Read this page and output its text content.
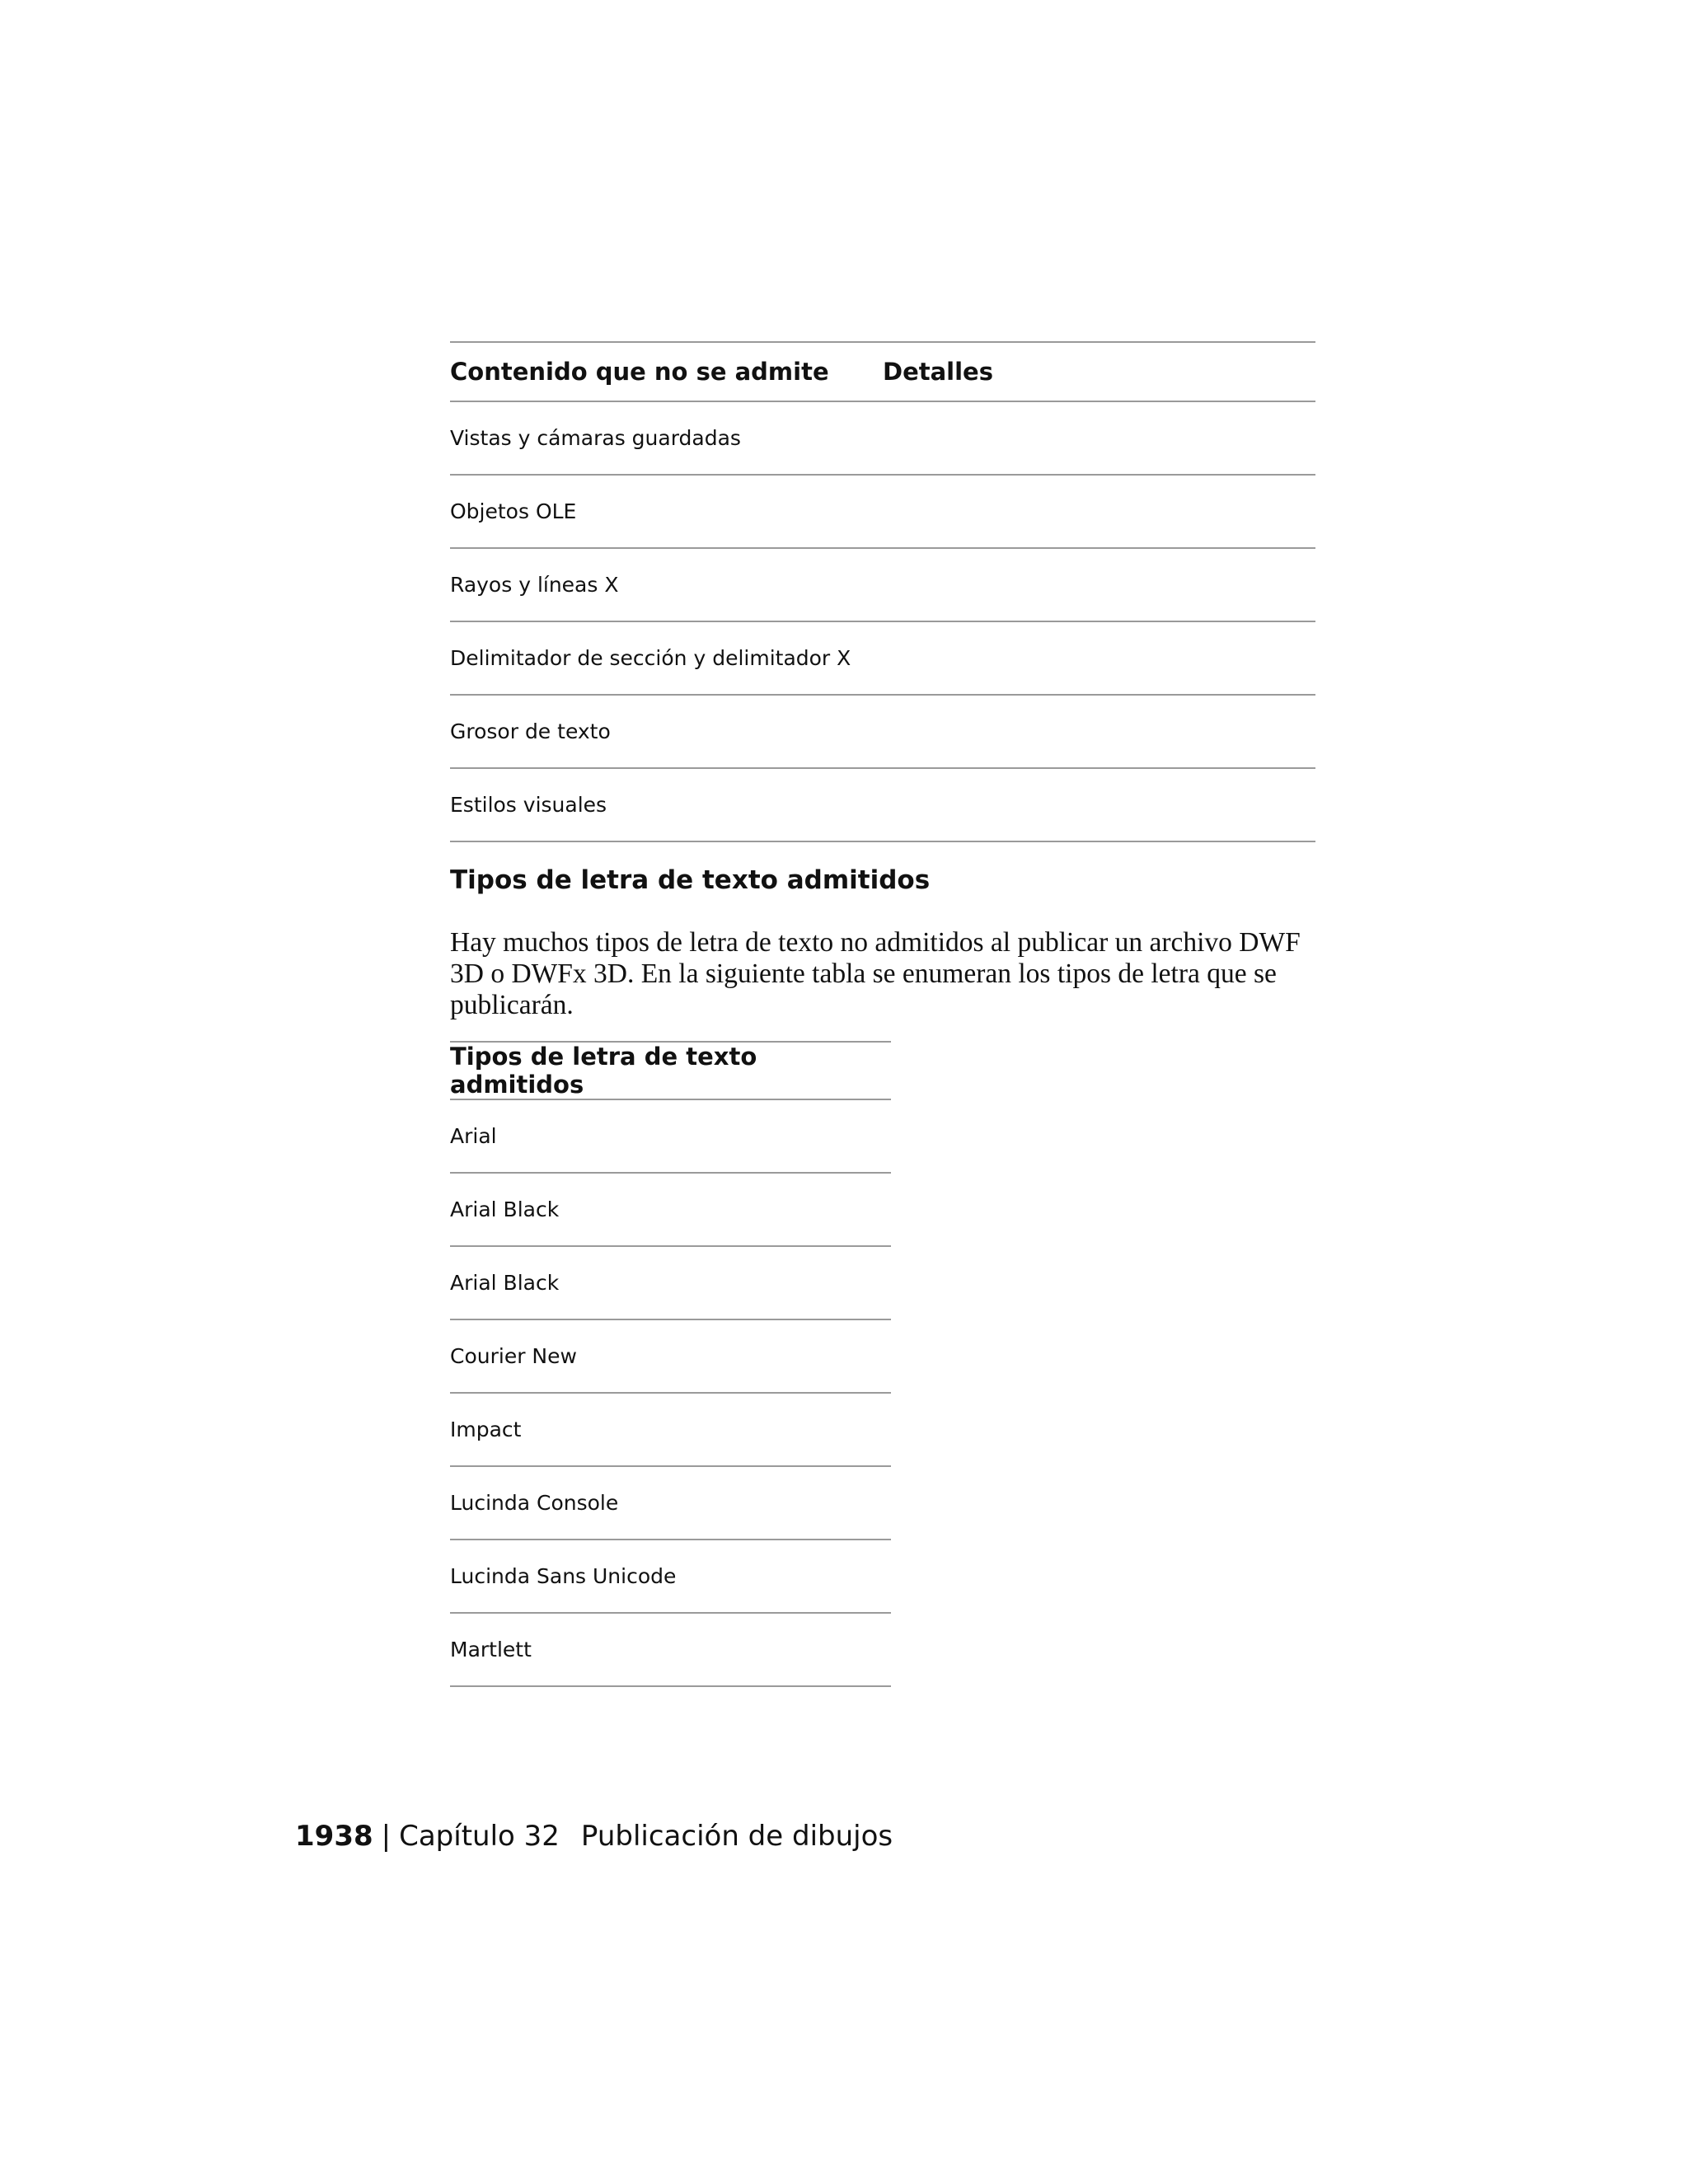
Contenido que no se admite	Detalles
Vistas y cámaras guardadas	
Objetos OLE	
Rayos y líneas X	
Delimitador de sección y delimitador X	
Grosor de texto	
Estilos visuales	
Tipos de letra de texto admitidos

Hay muchos tipos de letra de texto no admitidos al publicar un archivo DWF 3D o DWFx 3D. En la siguiente tabla se enumeran los tipos de letra que se publicarán.

Tipos de letra de texto admitidos
Arial
Arial Black
Arial Black
Courier New
Impact
Lucinda Console
Lucinda Sans Unicode
Martlett

1938 | Capítulo 32 Publicación de dibujos
